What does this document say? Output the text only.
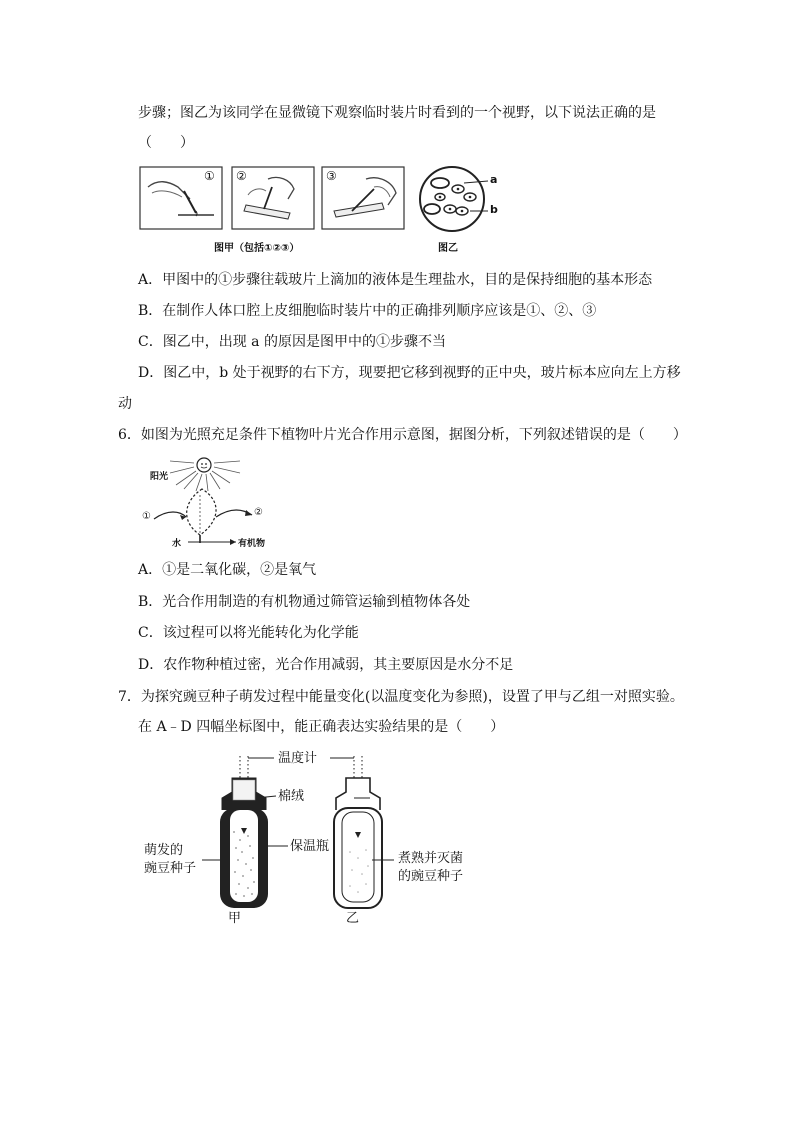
步骤；图乙为该同学在显微镜下观察临时装片时看到的一个视野，以下说法正确的是
（　　）
① ②	③
图甲（包括①②③）
a
b
图乙
A．甲图中的①步骤往载玻片上滴加的液体是生理盐水，目的是保持细胞的基本形态
B．在制作人体口腔上皮细胞临时装片中的正确排列顺序应该是①、②、③
C．图乙中，出现 a 的原因是图甲中的①步骤不当
D．图乙中，b 处于视野的右下方，现要把它移到视野的正中央，玻片标本应向左上方移
动
6．如图为光照充足条件下植物叶片光合作用示意图，据图分析，下列叙述错误的是（　　）
阳光
①	②
水	有机物
A．①是二氧化碳，②是氧气
B．光合作用制造的有机物通过筛管运输到植物体各处
C．该过程可以将光能转化为化学能
D．农作物种植过密，光合作用减弱，其主要原因是水分不足
7．为探究豌豆种子萌发过程中能量变化(以温度变化为参照)，设置了甲与乙组一对照实验。
在 A﹣D 四幅坐标图中，能正确表达实验结果的是（　　）
温度计
棉绒
保温瓶
萌发的
豌豆种子
煮熟并灭菌
的豌豆种子
甲	乙
